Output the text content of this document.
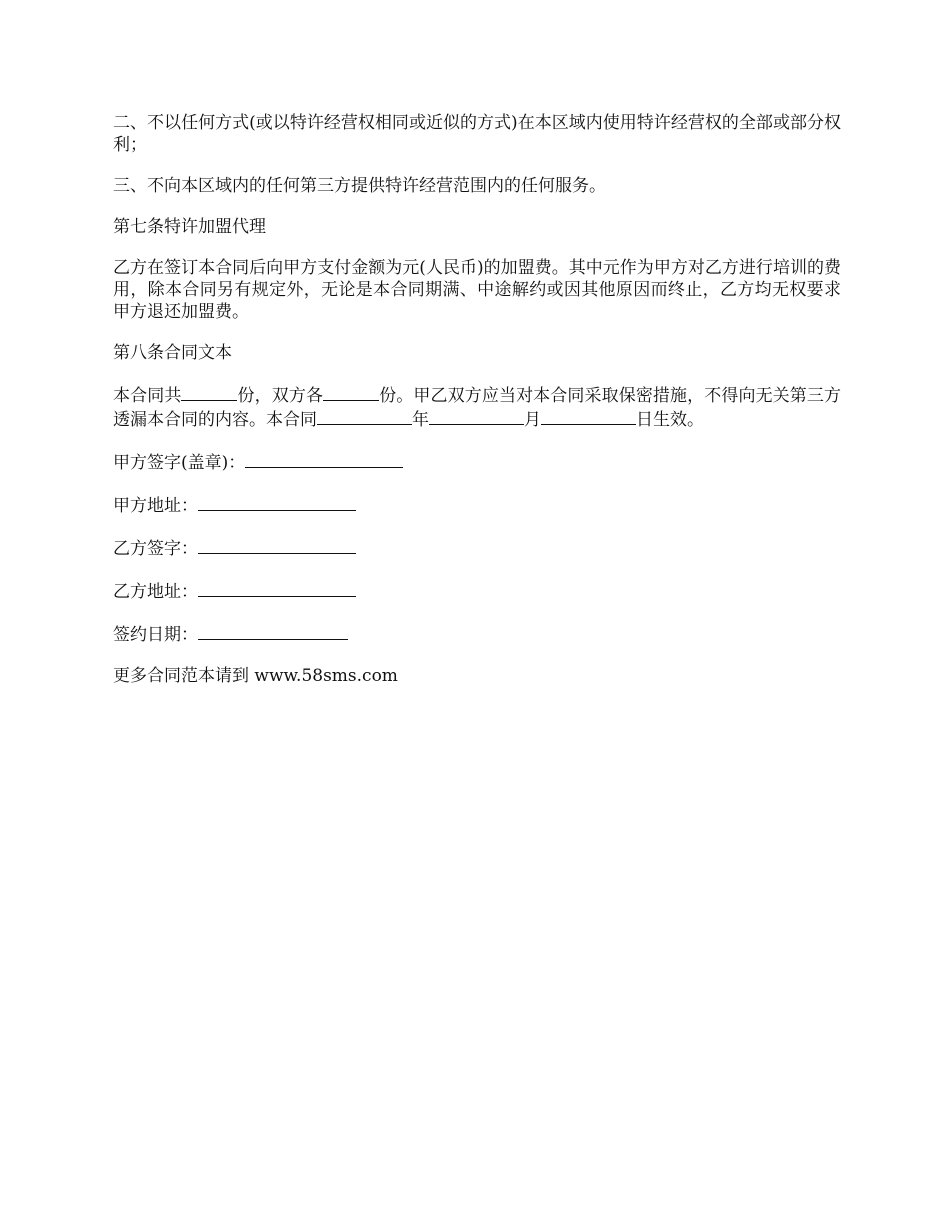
二、不以任何方式(或以特许经营权相同或近似的方式)在本区域内使用特许经营权的全部或部分权利；

三、不向本区域内的任何第三方提供特许经营范围内的任何服务。

第七条特许加盟代理

乙方在签订本合同后向甲方支付金额为元(人民币)的加盟费。其中元作为甲方对乙方进行培训的费用，除本合同另有规定外，无论是本合同期满、中途解约或因其他原因而终止，乙方均无权要求甲方退还加盟费。

第八条合同文本

本合同共	份，双方各	份。甲乙双方应当对本合同采取保密措施，不得向无关第三方透漏本合同的内容。本合同	年	月	日生效。

甲方签字(盖章)：

甲方地址：

乙方签字：

乙方地址：

签约日期：

更多合同范本请到 www.58sms.com
